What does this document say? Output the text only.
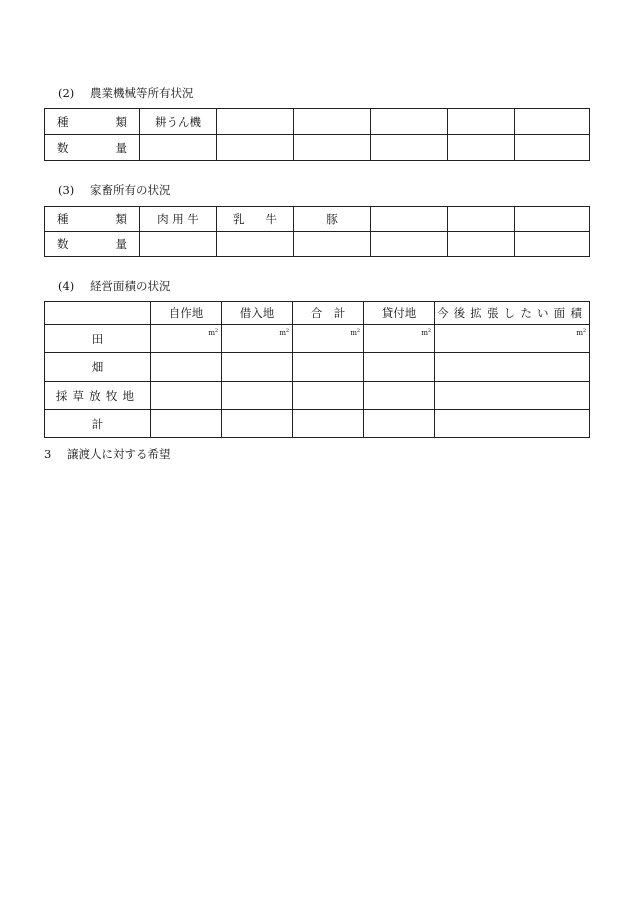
(2) 農業機械等所有状況
種 類	耕うん機					

数 量						

(3) 家畜所有の状況
種 類	肉 用 牛	乳 牛	豚			

数 量						

(4) 経営面積の状況
	自作地	借入地	合　計	貸付地	今後拡張したい面積
田	m $^2$	m $^2$	m $^2$	m $^2$	m $^2$

畑					
採草放牧地					
計					
3 譲渡人に対する希望
